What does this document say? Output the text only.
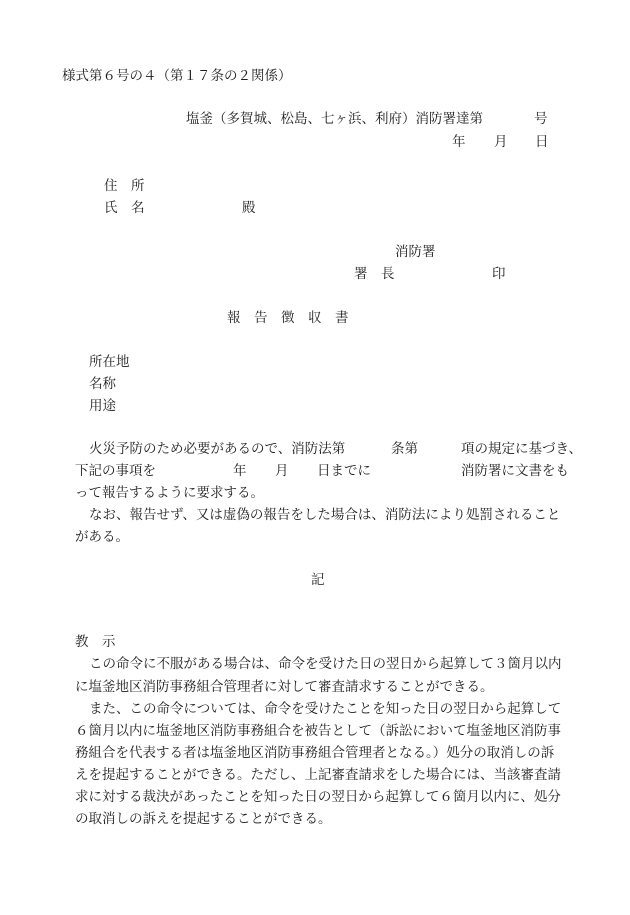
様式第６号の４（第１７条の２関係）
塩釜（多賀城、松島、七ヶ浜、利府）消防署達第	号
年 月 日
住　所
氏　名	殿
消防署
署　長	印
報　告　徴　収　書
所在地
名称
用途
火災予防のため必要があるので、消防法第	条第	項の規定に基づき、
下記の事項を	年 月 日までに	消防署に文書をも
って報告するように要求する。
なお、報告せず、又は虚偽の報告をした場合は、消防法により処罰されること
がある。
記
教　示
この命令に不服がある場合は、命令を受けた日の翌日から起算して３箇月以内
に塩釜地区消防事務組合管理者に対して審査請求することができる。
また、この命令については、命令を受けたことを知った日の翌日から起算して
６箇月以内に塩釜地区消防事務組合を被告として（訴訟において塩釜地区消防事
務組合を代表する者は塩釜地区消防事務組合管理者となる。）処分の取消しの訴
えを提起することができる。ただし、上記審査請求をした場合には、当該審査請
求に対する裁決があったことを知った日の翌日から起算して６箇月以内に、処分
の取消しの訴えを提起することができる。
